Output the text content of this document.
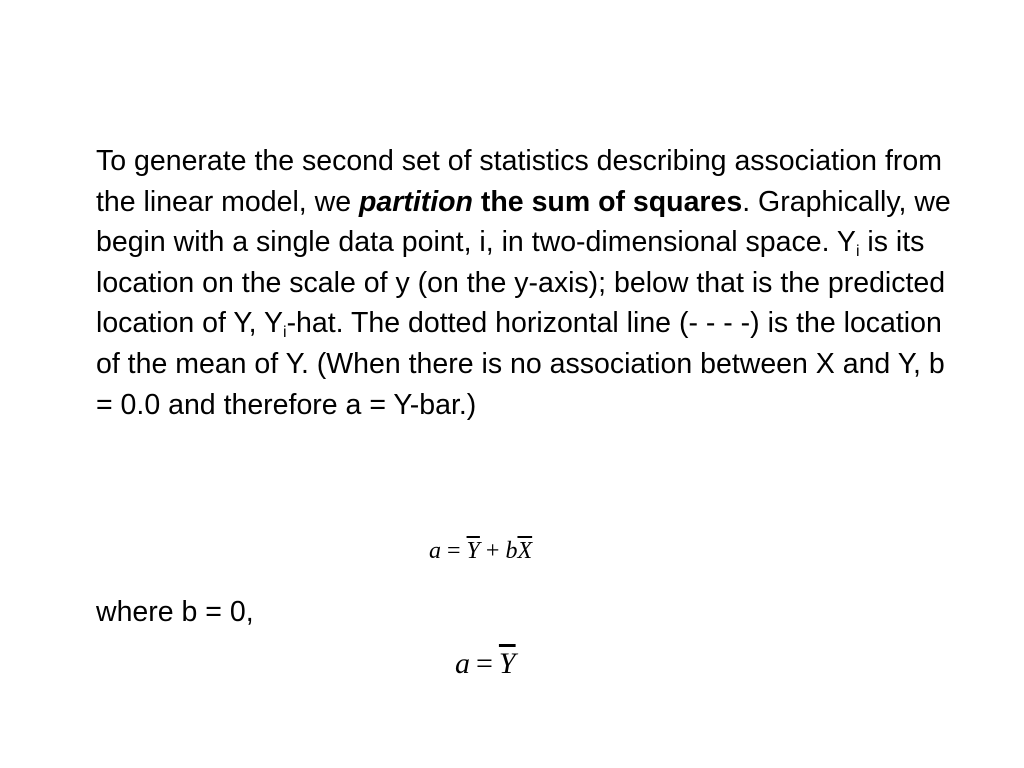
To generate the second set of statistics describing association from the linear model, we partition the sum of squares. Graphically, we begin with a single data point, i, in two-dimensional space. $Y_i$ is its location on the scale of y (on the y-axis); below that is the predicted location of Y, $Y_i$-hat. The dotted horizontal line (- - - -) is the location of the mean of Y. (When there is no association between X and Y, b = 0.0 and therefore a = Y-bar.)

$a = \overline{Y} + b\overline{X}$

where b = 0,

$a = \overline{Y}$
